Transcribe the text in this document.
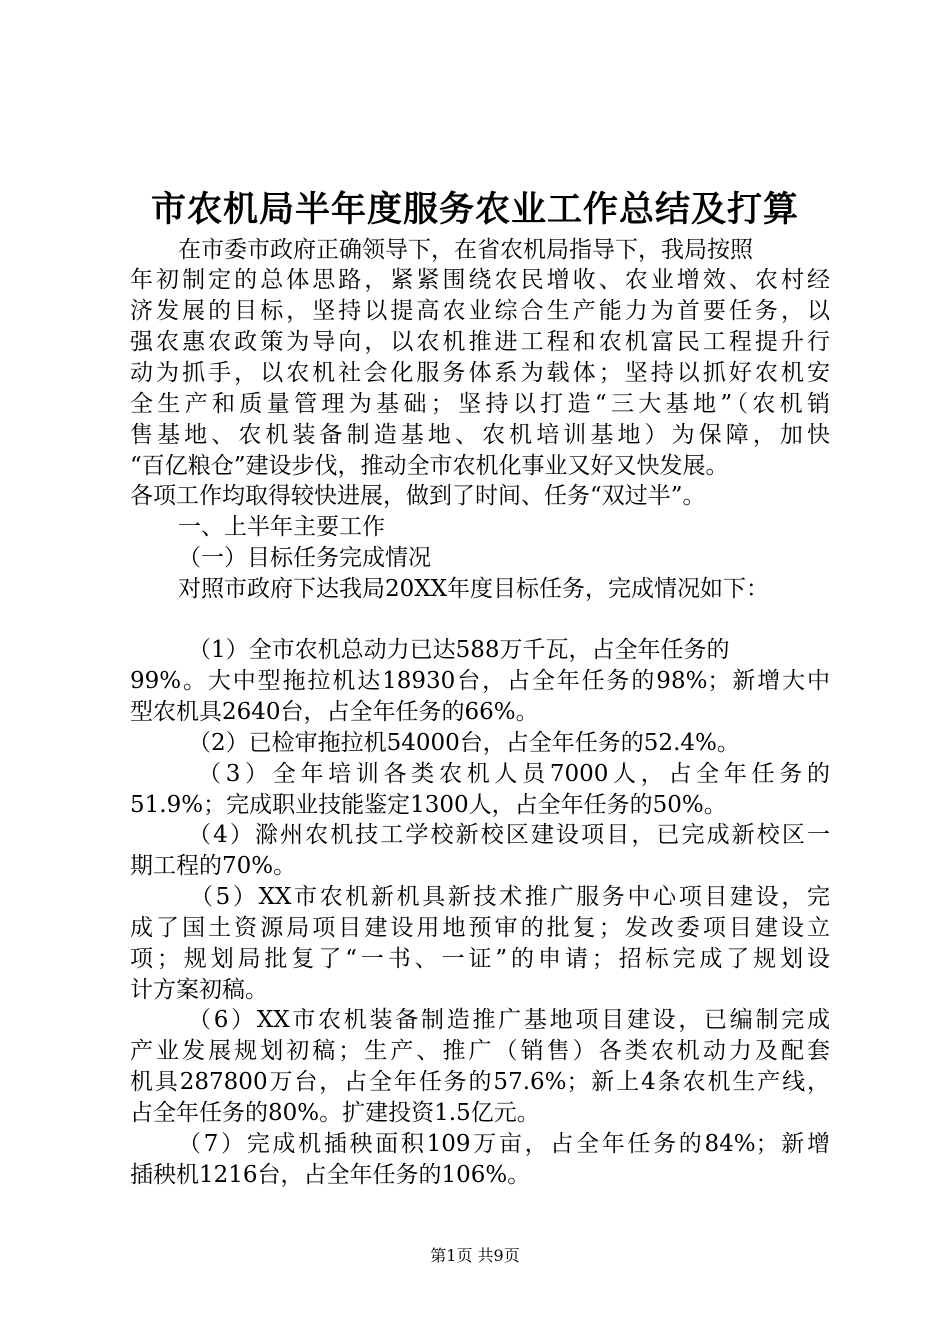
市农机局半年度服务农业工作总结及打算
在市委市政府正确领导下，在省农机局指导下，我局按照
年初制定的总体思路，紧紧围绕农民增收、农业增效、农村经
济发展的目标，坚持以提高农业综合生产能力为首要任务，以
强农惠农政策为导向，以农机推进工程和农机富民工程提升行
动为抓手，以农机社会化服务体系为载体；坚持以抓好农机安
全生产和质量管理为基础；坚持以打造“三大基地”（农机销
售基地、农机装备制造基地、农机培训基地）为保障，加快
“百亿粮仓”建设步伐，推动全市农机化事业又好又快发展。
各项工作均取得较快进展，做到了时间、任务“双过半”。
一、上半年主要工作
（一）目标任务完成情况
对照市政府下达我局20XX年度目标任务，完成情况如下：
（1）全市农机总动力已达588万千瓦，占全年任务的
99%。大中型拖拉机达18930台，占全年任务的98%；新增大中
型农机具2640台，占全年任务的66%。
（2）已检审拖拉机54000台，占全年任务的52.4%。
（3）全年培训各类农机人员7000人，占全年任务的
51.9%；完成职业技能鉴定1300人，占全年任务的50%。
（4）滁州农机技工学校新校区建设项目，已完成新校区一
期工程的70%。
（5）XX市农机新机具新技术推广服务中心项目建设，完
成了国土资源局项目建设用地预审的批复；发改委项目建设立
项；规划局批复了“一书、一证”的申请；招标完成了规划设
计方案初稿。
（6）XX市农机装备制造推广基地项目建设，已编制完成
产业发展规划初稿；生产、推广（销售）各类农机动力及配套
机具287800万台，占全年任务的57.6%；新上4条农机生产线，
占全年任务的80%。扩建投资1.5亿元。
（7）完成机插秧面积109万亩，占全年任务的84%；新增
插秧机1216台，占全年任务的106%。
第1页 共9页
